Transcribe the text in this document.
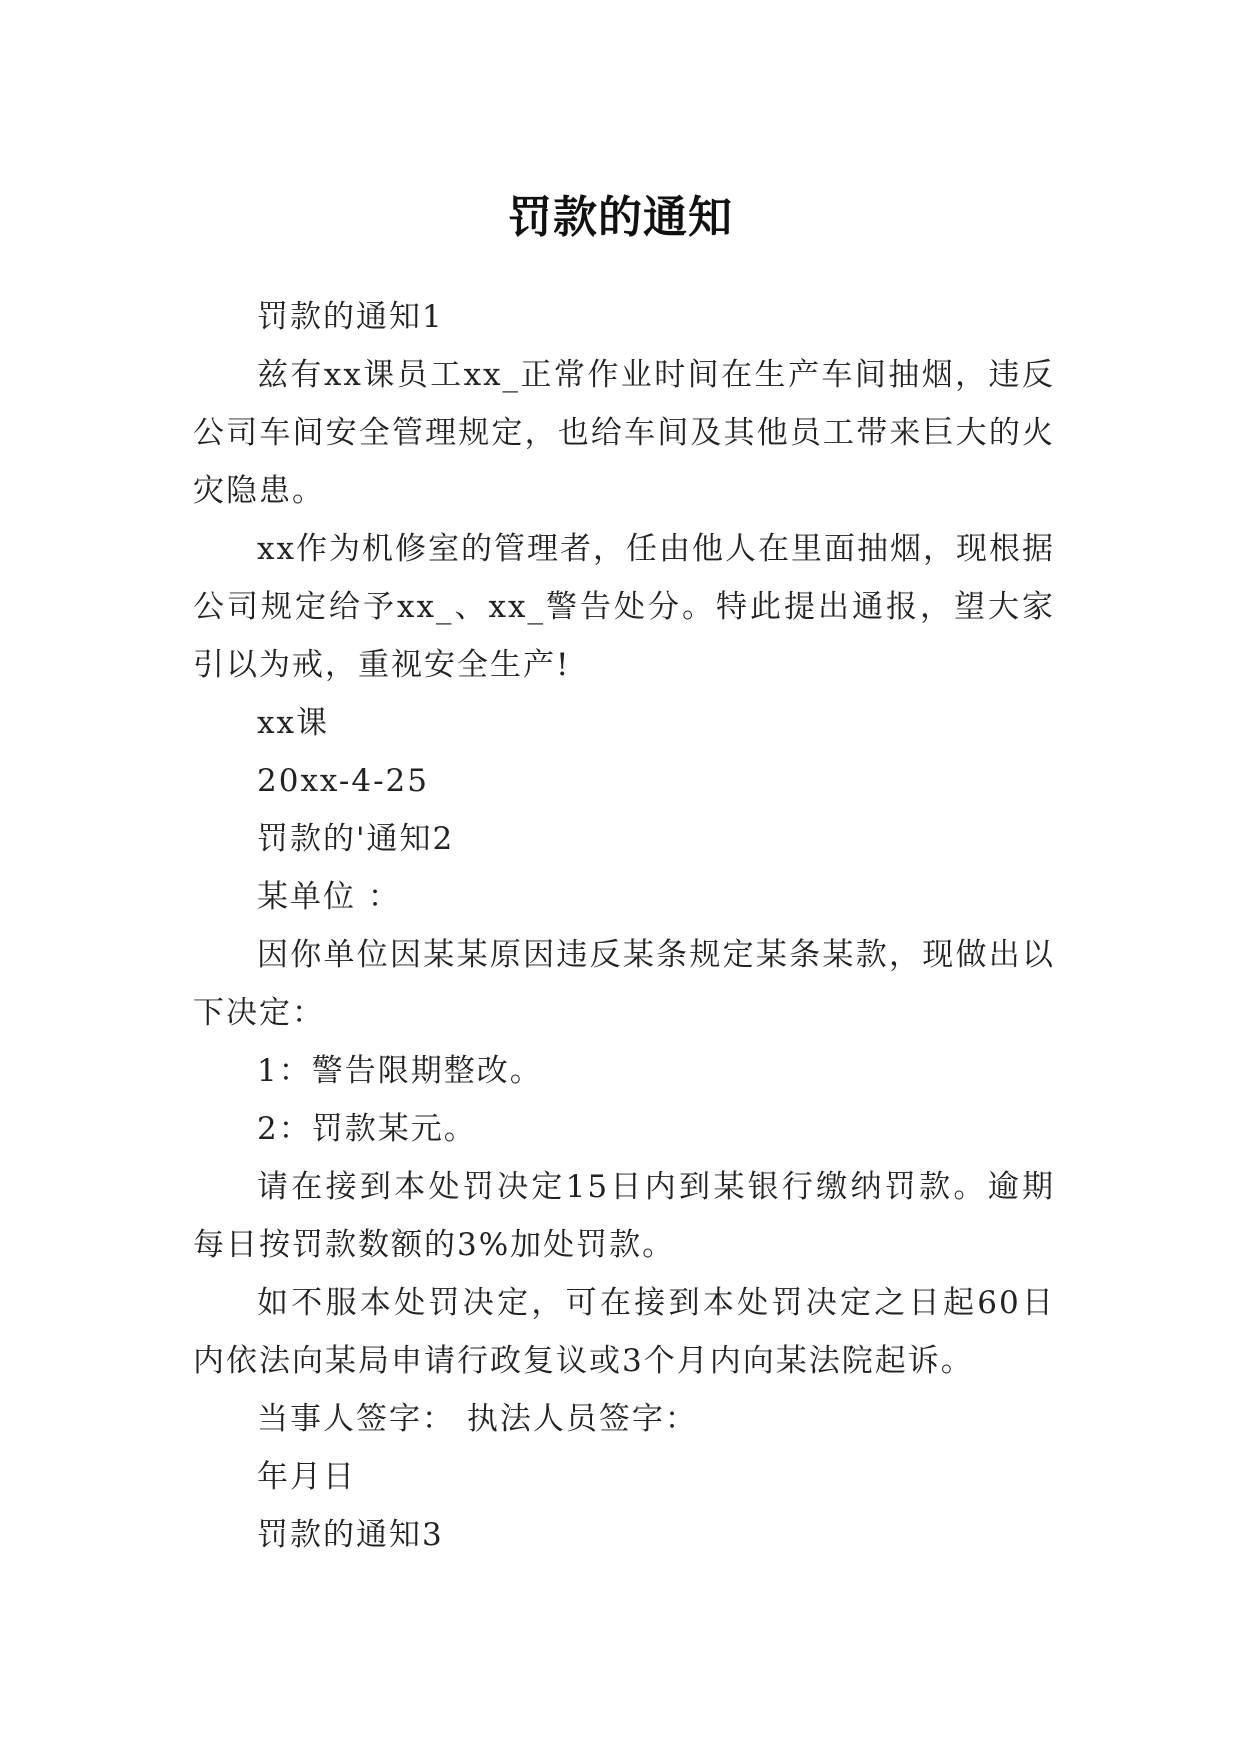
罚款的通知

罚款的通知1

兹有xx课员工xx_正常作业时间在生产车间抽烟，违反公司车间安全管理规定，也给车间及其他员工带来巨大的火灾隐患。

xx作为机修室的管理者，任由他人在里面抽烟，现根据公司规定给予xx_、xx_警告处分。特此提出通报，望大家引以为戒，重视安全生产!

xx课

20xx-4-25

罚款的'通知2

某单位 ：

因你单位因某某原因违反某条规定某条某款，现做出以下决定：

1：警告限期整改。

2：罚款某元。

请在接到本处罚决定15日内到某银行缴纳罚款。逾期每日按罚款数额的3%加处罚款。

如不服本处罚决定，可在接到本处罚决定之日起60日内依法向某局申请行政复议或3个月内向某法院起诉。

当事人签字： 执法人员签字：

年月日

罚款的通知3
